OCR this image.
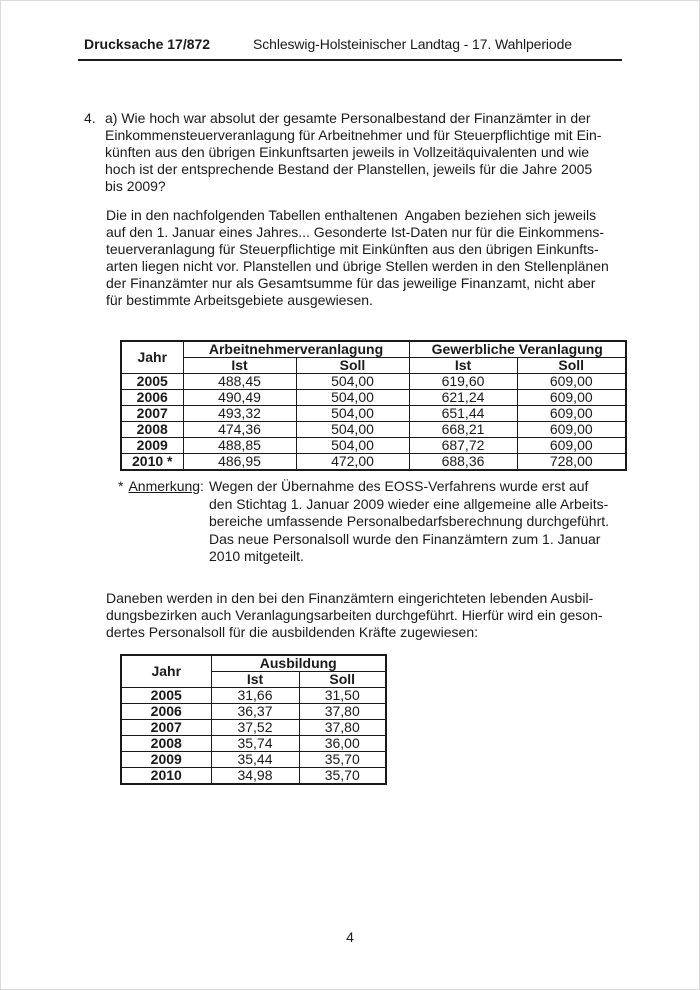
Drucksache 17/872	Schleswig-Holsteinischer Landtag - 17. Wahlperiode
4. a) Wie hoch war absolut der gesamte Personalbestand der Finanzämter in der
Einkommensteuerveranlagung für Arbeitnehmer und für Steuerpflichtige mit Ein-
künften aus den übrigen Einkunftsarten jeweils in Vollzeitäquivalenten und wie
hoch ist der entsprechende Bestand der Planstellen, jeweils für die Jahre 2005
bis 2009?
Die in den nachfolgenden Tabellen enthaltenen  Angaben beziehen sich jeweils
auf den 1. Januar eines Jahres... Gesonderte Ist-Daten nur für die Einkommens-
teuerveranlagung für Steuerpflichtige mit Einkünften aus den übrigen Einkunfts-
arten liegen nicht vor. Planstellen und übrige Stellen werden in den Stellenplänen
der Finanzämter nur als Gesamtsumme für das jeweilige Finanzamt, nicht aber
für bestimmte Arbeitsgebiete ausgewiesen.
Jahr	Arbeitnehmerveranlagung		Gewerbliche Veranlagung	
	Ist	Soll	Ist	Soll
2005	488,45	504,00	619,60	609,00
2006	490,49	504,00	621,24	609,00
2007	493,32	504,00	651,44	609,00
2008	474,36	504,00	668,21	609,00
2009	488,85	504,00	687,72	609,00
2010 *	486,95	472,00	688,36	728,00
* Anmerkung: Wegen der Übernahme des EOSS-Verfahrens wurde erst auf
den Stichtag 1. Januar 2009 wieder eine allgemeine alle Arbeits-
bereiche umfassende Personalbedarfsberechnung durchgeführt.
Das neue Personalsoll wurde den Finanzämtern zum 1. Januar
2010 mitgeteilt.
Daneben werden in den bei den Finanzämtern eingerichteten lebenden Ausbil-
dungsbezirken auch Veranlagungsarbeiten durchgeführt. Hierfür wird ein geson-
dertes Personalsoll für die ausbildenden Kräfte zugewiesen:
Jahr	Ausbildung	
	Ist	Soll
2005	31,66	31,50
2006	36,37	37,80
2007	37,52	37,80
2008	35,74	36,00
2009	35,44	35,70
2010	34,98	35,70
4
